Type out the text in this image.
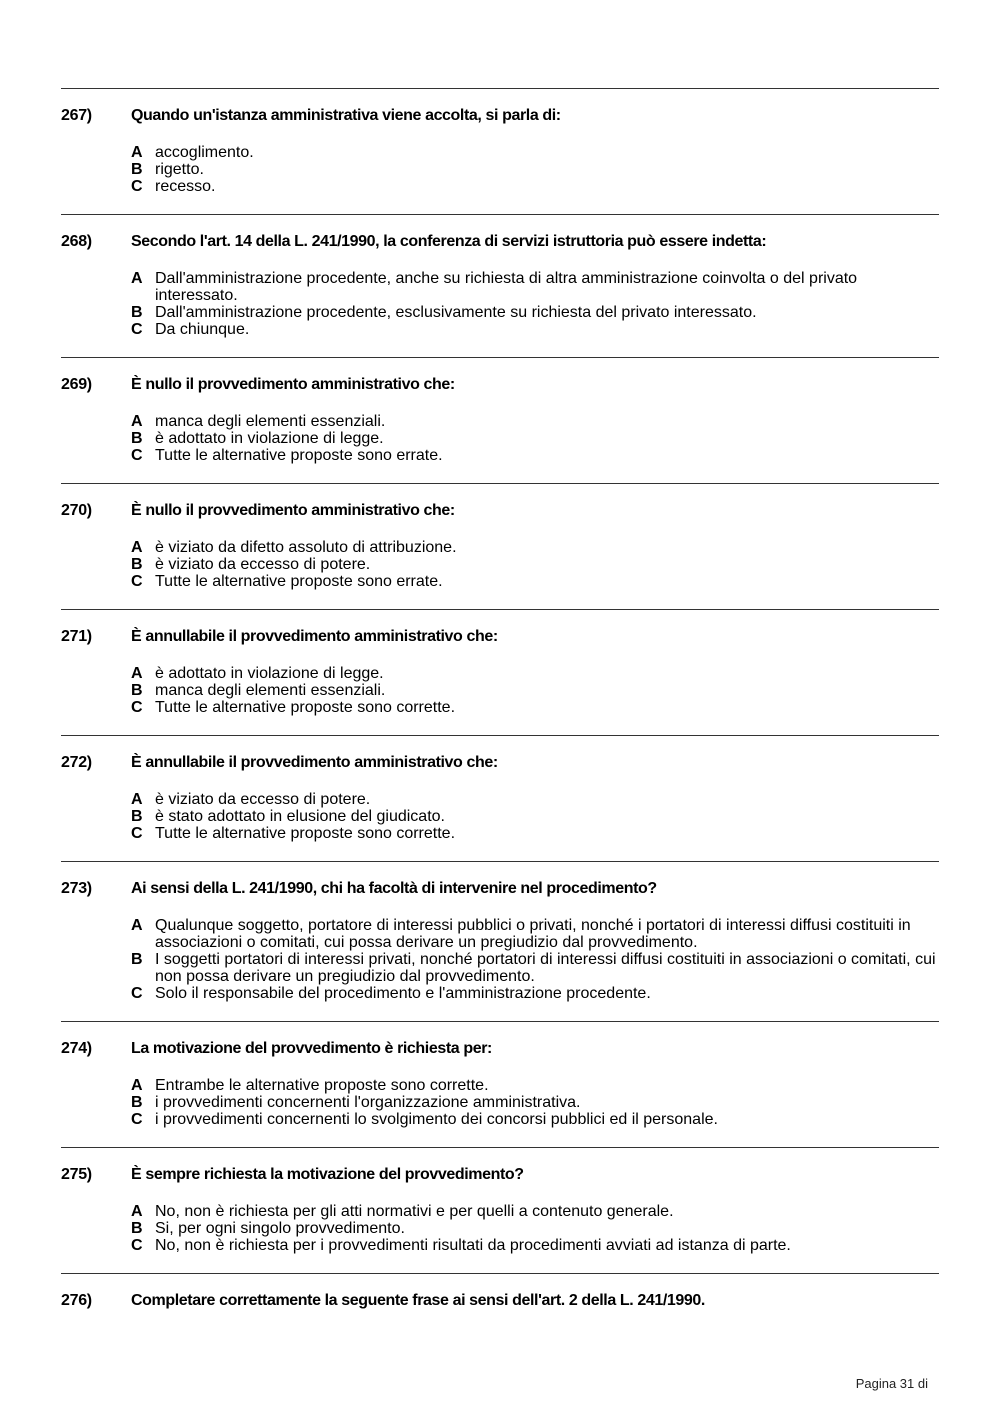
267) Quando un'istanza amministrativa viene accolta, si parla di:
A accoglimento.
B rigetto.
C recesso.
268) Secondo l'art. 14 della L. 241/1990, la conferenza di servizi istruttoria può essere indetta:
A Dall'amministrazione procedente, anche su richiesta di altra amministrazione coinvolta o del privato interessato.
B Dall'amministrazione procedente, esclusivamente su richiesta del privato interessato.
C Da chiunque.
269) È nullo il provvedimento amministrativo che:
A manca degli elementi essenziali.
B è adottato in violazione di legge.
C Tutte le alternative proposte sono errate.
270) È nullo il provvedimento amministrativo che:
A è viziato da difetto assoluto di attribuzione.
B è viziato da eccesso di potere.
C Tutte le alternative proposte sono errate.
271) È annullabile il provvedimento amministrativo che:
A è adottato in violazione di legge.
B manca degli elementi essenziali.
C Tutte le alternative proposte sono corrette.
272) È annullabile il provvedimento amministrativo che:
A è viziato da eccesso di potere.
B è stato adottato in elusione del giudicato.
C Tutte le alternative proposte sono corrette.
273) Ai sensi della L. 241/1990, chi ha facoltà di intervenire nel procedimento?
A Qualunque soggetto, portatore di interessi pubblici o privati, nonché i portatori di interessi diffusi costituiti in associazioni o comitati, cui possa derivare un pregiudizio dal provvedimento.
B I soggetti portatori di interessi privati, nonché portatori di interessi diffusi costituiti in associazioni o comitati, cui non possa derivare un pregiudizio dal provvedimento.
C Solo il responsabile del procedimento e l'amministrazione procedente.
274) La motivazione del provvedimento è richiesta per:
A Entrambe le alternative proposte sono corrette.
B i provvedimenti concernenti l'organizzazione amministrativa.
C i provvedimenti concernenti lo svolgimento dei concorsi pubblici ed il personale.
275) È sempre richiesta la motivazione del provvedimento?
A No, non è richiesta per gli atti normativi e per quelli a contenuto generale.
B Si, per ogni singolo provvedimento.
C No, non è richiesta per i provvedimenti risultati da procedimenti avviati ad istanza di parte.
276) Completare correttamente la seguente frase ai sensi dell'art. 2 della L. 241/1990.
Pagina 31 di
